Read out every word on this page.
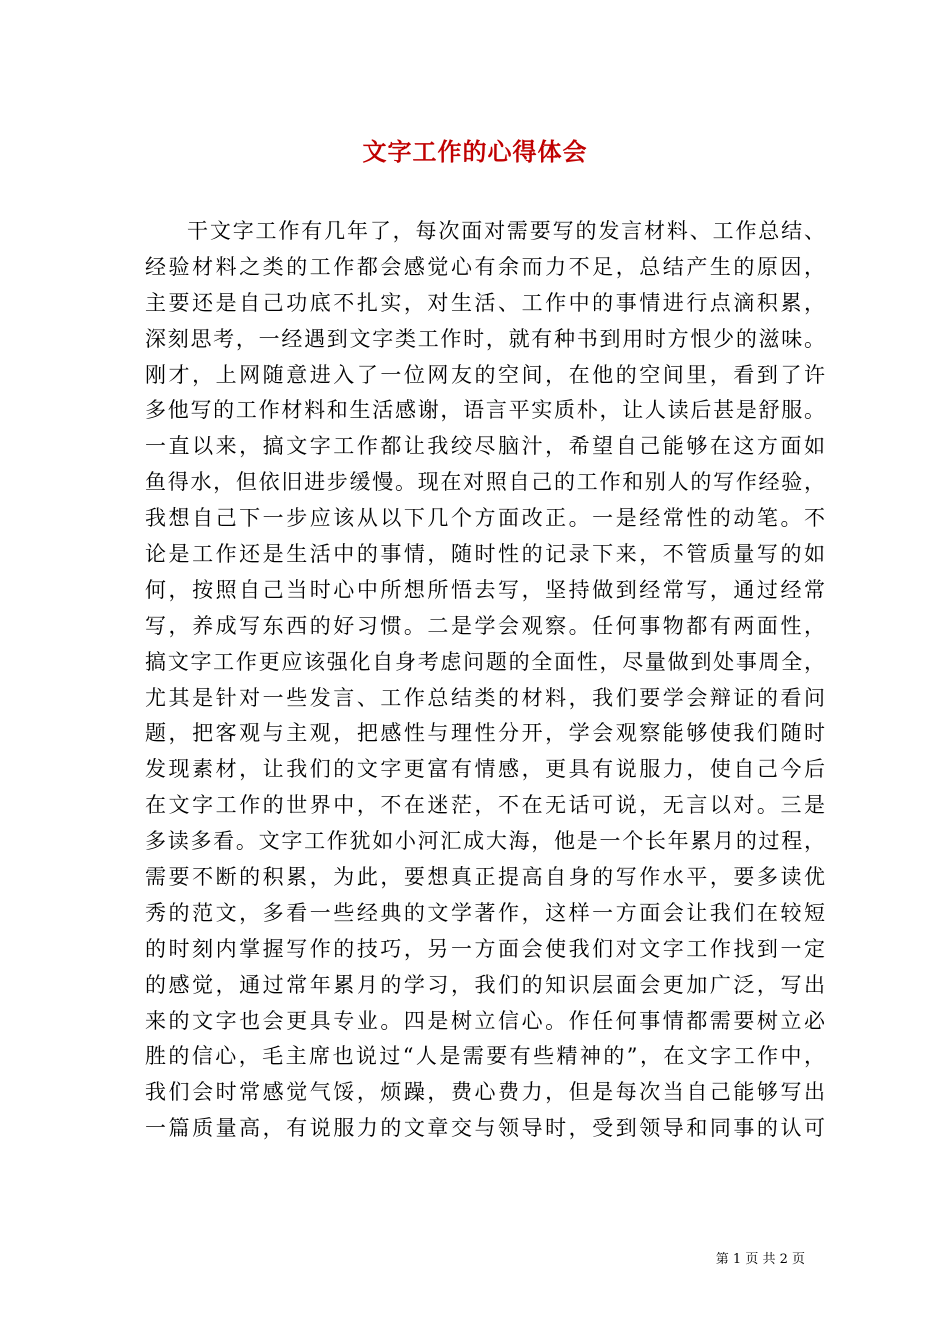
文字工作的心得体会
干文字工作有几年了，每次面对需要写的发言材料、工作总结、
经验材料之类的工作都会感觉心有余而力不足，总结产生的原因，
主要还是自己功底不扎实，对生活、工作中的事情进行点滴积累，
深刻思考，一经遇到文字类工作时，就有种书到用时方恨少的滋味。
刚才，上网随意进入了一位网友的空间，在他的空间里，看到了许
多他写的工作材料和生活感谢，语言平实质朴，让人读后甚是舒服。
一直以来，搞文字工作都让我绞尽脑汁，希望自己能够在这方面如
鱼得水，但依旧进步缓慢。现在对照自己的工作和别人的写作经验，
我想自己下一步应该从以下几个方面改正。一是经常性的动笔。不
论是工作还是生活中的事情，随时性的记录下来，不管质量写的如
何，按照自己当时心中所想所悟去写，坚持做到经常写，通过经常
写，养成写东西的好习惯。二是学会观察。任何事物都有两面性，
搞文字工作更应该强化自身考虑问题的全面性，尽量做到处事周全，
尤其是针对一些发言、工作总结类的材料，我们要学会辩证的看问
题，把客观与主观，把感性与理性分开，学会观察能够使我们随时
发现素材，让我们的文字更富有情感，更具有说服力，使自己今后
在文字工作的世界中，不在迷茫，不在无话可说，无言以对。三是
多读多看。文字工作犹如小河汇成大海，他是一个长年累月的过程，
需要不断的积累，为此，要想真正提高自身的写作水平，要多读优
秀的范文，多看一些经典的文学著作，这样一方面会让我们在较短
的时刻内掌握写作的技巧，另一方面会使我们对文字工作找到一定
的感觉，通过常年累月的学习，我们的知识层面会更加广泛，写出
来的文字也会更具专业。四是树立信心。作任何事情都需要树立必
胜的信心，毛主席也说过“人是需要有些精神的”，在文字工作中，
我们会时常感觉气馁，烦躁，费心费力，但是每次当自己能够写出
一篇质量高，有说服力的文章交与领导时，受到领导和同事的认可
第 1 页 共 2 页
